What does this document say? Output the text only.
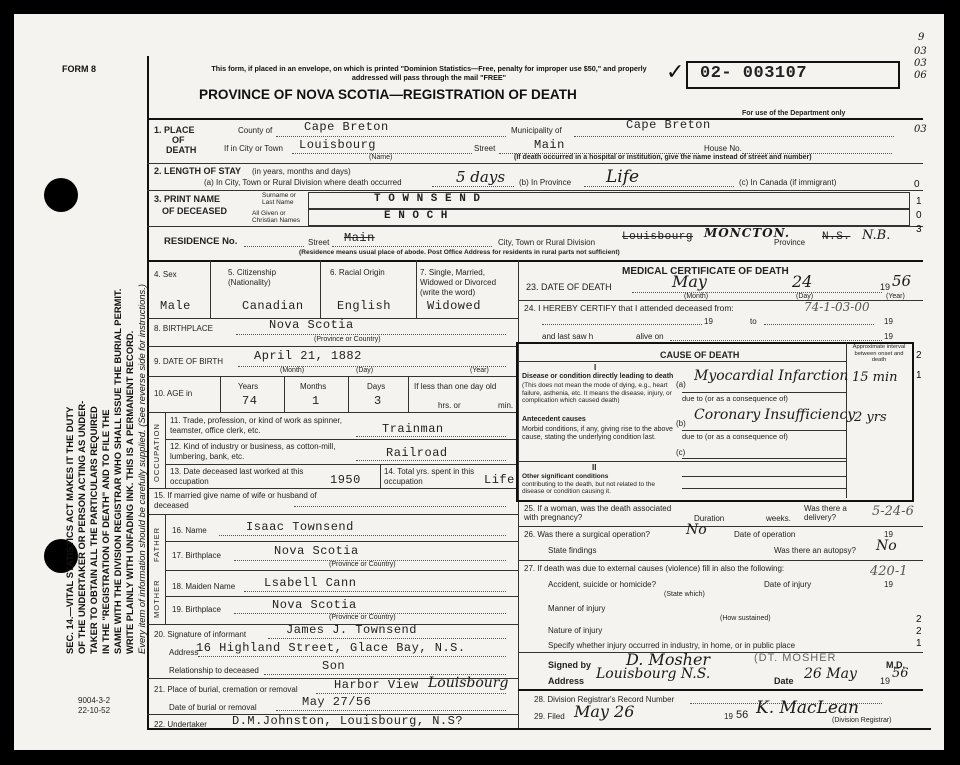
FORM 8
SEC. 14.—VITAL STATISTICS ACT MAKES IT THE DUTY OF THE UNDERTAKER OR PERSON ACTING AS UNDER- TAKER TO OBTAIN ALL THE PARTICULARS REQUIRED IN THE "REGISTRATION OF DEATH" AND TO FILE THE SAME WITH THE DIVISION REGISTRAR WHO SHALL ISSUE THE BURIAL PERMIT. WRITE PLAINLY WITH UNFADING INK. THIS IS A PERMANENT RECORD. Every item of information should be carefully supplied. (See reverse side for instructions.)
This form, if placed in an envelope, on which is printed "Dominion Statistics—Free, penalty for improper use $50," and properly addressed will pass through the mail "FREE"
PROVINCE OF NOVA SCOTIA—REGISTRATION OF DEATH
✓ 02- 003107
For use of the Department only
9
03
03
06
1. PLACE
OF
DEATH
County of	Cape Breton	Municipality of	Cape Breton
If in City or Town Louisbourg	Street	Main	House No.
(Name)	(If death occurred in a hospital or institution, give the name instead of street and number)
03
2. LENGTH OF STAY (in years, months and days)
(a) In City, Town or Rural Division where death occurred	5 days (b) In Province Life	(c) In Canada (if immigrant)	0
3. PRINT NAME
OF DECEASED
Surname or
Last Name
All Given or
Christian Names
T O W N S E N D
E N O C H
1
0
RESIDENCE No.	Street Main	City, Town or Rural Division Louisbourg MONCTON.
Province N.S. N.B.
(Residence means usual place of abode. Post Office Address for residents in rural parts not sufficient)
3
4. Sex	5. Citizenship
(Nationality)
6. Racial Origin	7. Single, Married,
Widowed or Divorced
(write the word)
Male	Canadian	English	Widowed
8. BIRTHPLACE	Nova Scotia
(Province or Country)
9. DATE OF BIRTH	April 21, 1882
(Month)	(Day)	(Year)
10. AGE in
Years	Months	Days
74	1	3
If less than one day old
hrs. or	min.
OCCUPATION
11. Trade, profession, or kind of work as spinner, teamster, office clerk, etc.	Trainman
12. Kind of industry or business, as cotton-mill, lumbering, bank, etc.	Railroad
13. Date deceased last worked at this occupation	1950
14. Total yrs. spent in this occupation	Life
15. If married give name of wife or husband of deceased
FATHER
MOTHER
16. Name	Isaac Townsend
17. Birthplace	Nova Scotia
(Province or Country)
18. Maiden Name Lsabell Cann
19. Birthplace	Nova Scotia
(Province or Country)
20. Signature of informant	James J. Townsend
Address
16 Highland Street, Glace Bay, N.S.
Relationship to deceased	Son
21. Place of burial, cremation or removal	Harbor View Louisbourg
Date of burial or removal	May 27/56
22. Undertaker D.M.Johnston, Louisbourg, N.S?
MEDICAL CERTIFICATE OF DEATH
23. DATE OF DEATH	May	24	19 56
(Month)	(Day)	(Year)
24. I HEREBY CERTIFY that I attended deceased from:	74-1-03-00
19	to	19
and last saw h	alive on	19
CAUSE OF DEATH
Approximate interval between onset and death
I
Disease or condition directly leading to death
(This does not mean the mode of dying, e.g., heart failure, asthenia, etc. It means the disease, injury, or complication which caused death)
(a)
Myocardial Infarction 15 min
due to (or as a consequence of)
Antecedent causes
Morbid conditions, if any, giving rise to the above cause, stating the underlying condition last.
(b)
Coronary Insufficiency
2 yrs
due to (or as a consequence of)
(c)
II
Other significant conditions
contributing to the death, but not related to the disease or condition causing it.
2
1
25. If a woman, was the death associated with pregnancy?	Duration	weeks.
Was there a delivery?	5-24-6
26. Was there a surgical operation?	No	Date of operation	19
State findings	Was there an autopsy? No
27. If death was due to external causes (violence) fill in also the following:	420-1
Accident, suicide or homicide?	Date of injury	19
(State which)
Manner of injury
(How sustained)
Nature of injury
Specify whether injury occurred in industry, in home, or in public place
2
2
1
Signed by D. Mosher	(DT. MOSHER
M.D.
Address Louisbourg N.S.	Date 26 May	19 56
28. Division Registrar's Record Number
29. Filed May 26	19 56 K. MacLean
(Division Registrar)
9004-3-2
22-10-52
